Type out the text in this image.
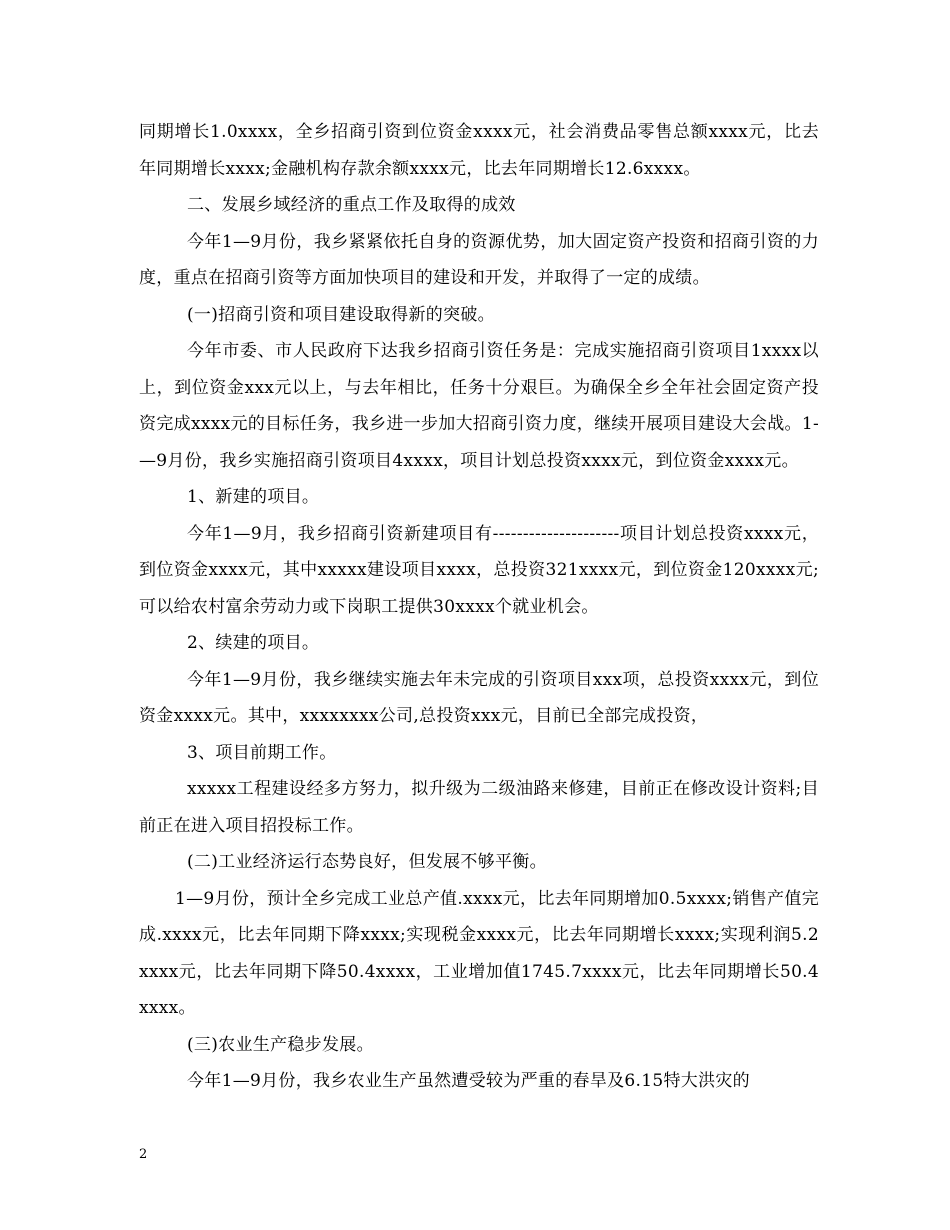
同期增长1.0xxxx，全乡招商引资到位资金xxxx元，社会消费品零售总额xxxx元，比去年同期增长xxxx;金融机构存款余额xxxx元，比去年同期增长12.6xxxx。

二、发展乡域经济的重点工作及取得的成效

今年1—9月份，我乡紧紧依托自身的资源优势，加大固定资产投资和招商引资的力度，重点在招商引资等方面加快项目的建设和开发，并取得了一定的成绩。

(一)招商引资和项目建设取得新的突破。

今年市委、市人民政府下达我乡招商引资任务是：完成实施招商引资项目1xxxx以上，到位资金xxx元以上，与去年相比，任务十分艰巨。为确保全乡全年社会固定资产投资完成xxxx元的目标任务，我乡进一步加大招商引资力度，继续开展项目建设大会战。1-—9月份，我乡实施招商引资项目4xxxx，项目计划总投资xxxx元，到位资金xxxx元。

1、新建的项目。

今年1—9月，我乡招商引资新建项目有---------------------项目计划总投资xxxx元，到位资金xxxx元，其中xxxxx建设项目xxxx，总投资321xxxx元，到位资金120xxxx元;可以给农村富余劳动力或下岗职工提供30xxxx个就业机会。

2、续建的项目。

今年1—9月份，我乡继续实施去年未完成的引资项目xxx项，总投资xxxx元，到位资金xxxx元。其中，xxxxxxxx公司,总投资xxx元，目前已全部完成投资，

3、项目前期工作。

xxxxx工程建设经多方努力，拟升级为二级油路来修建，目前正在修改设计资料;目前正在进入项目招投标工作。

(二)工业经济运行态势良好，但发展不够平衡。

1—9月份，预计全乡完成工业总产值.xxxx元，比去年同期增加0.5xxxx;销售产值完成.xxxx元，比去年同期下降xxxx;实现税金xxxx元，比去年同期增长xxxx;实现利润5.2xxxx元，比去年同期下降50.4xxxx，工业增加值1745.7xxxx元，比去年同期增长50.4xxxx。

(三)农业生产稳步发展。

今年1—9月份，我乡农业生产虽然遭受较为严重的春旱及6.15特大洪灾的

2
